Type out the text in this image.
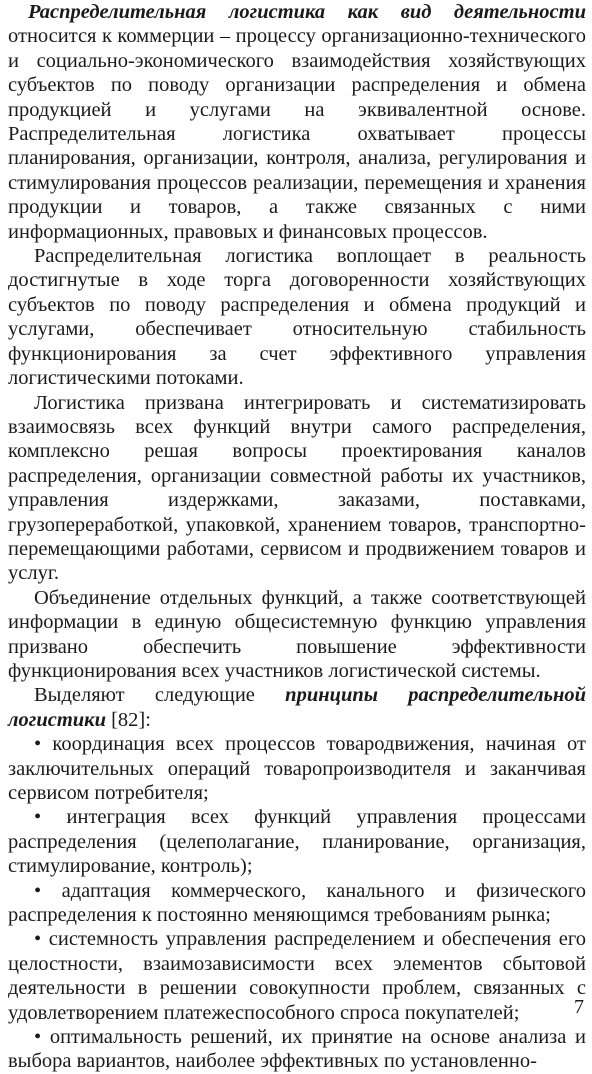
Распределительная логистика как вид деятельности относится к коммерции – процессу организационно-технического и социально-экономического взаимодействия хозяйствующих субъектов по поводу организации распределения и обмена продукцией и услугами на эквивалентной основе. Распределительная логистика охватывает процессы планирования, организации, контроля, анализа, регулирования и стимулирования процессов реализации, перемещения и хранения продукции и товаров, а также связанных с ними информационных, правовых и финансовых процессов.

Распределительная логистика воплощает в реальность достигнутые в ходе торга договоренности хозяйствующих субъектов по поводу распределения и обмена продукций и услугами, обеспечивает относительную стабильность функционирования за счет эффективного управления логистическими потоками.

Логистика призвана интегрировать и систематизировать взаимосвязь всех функций внутри самого распределения, комплексно решая вопросы проектирования каналов распределения, организации совместной работы их участников, управления издержками, заказами, поставками, грузопереработкой, упаковкой, хранением товаров, транспортно-перемещающими работами, сервисом и продвижением товаров и услуг.

Объединение отдельных функций, а также соответствующей информации в единую общесистемную функцию управления призвано обеспечить повышение эффективности функционирования всех участников логистической системы.

Выделяют следующие принципы распределительной логистики [82]:

• координация всех процессов товародвижения, начиная от заключительных операций товаропроизводителя и заканчивая сервисом потребителя;

• интеграция всех функций управления процессами распределения (целеполагание, планирование, организация, стимулирование, контроль);

• адаптация коммерческого, канального и физического распределения к постоянно меняющимся требованиям рынка;

• системность управления распределением и обеспечения его целостности, взаимозависимости всех элементов сбытовой деятельности в решении совокупности проблем, связанных с удовлетворением платежеспособного спроса покупателей;

• оптимальность решений, их принятие на основе анализа и выбора вариантов, наиболее эффективных по установленно-

7
